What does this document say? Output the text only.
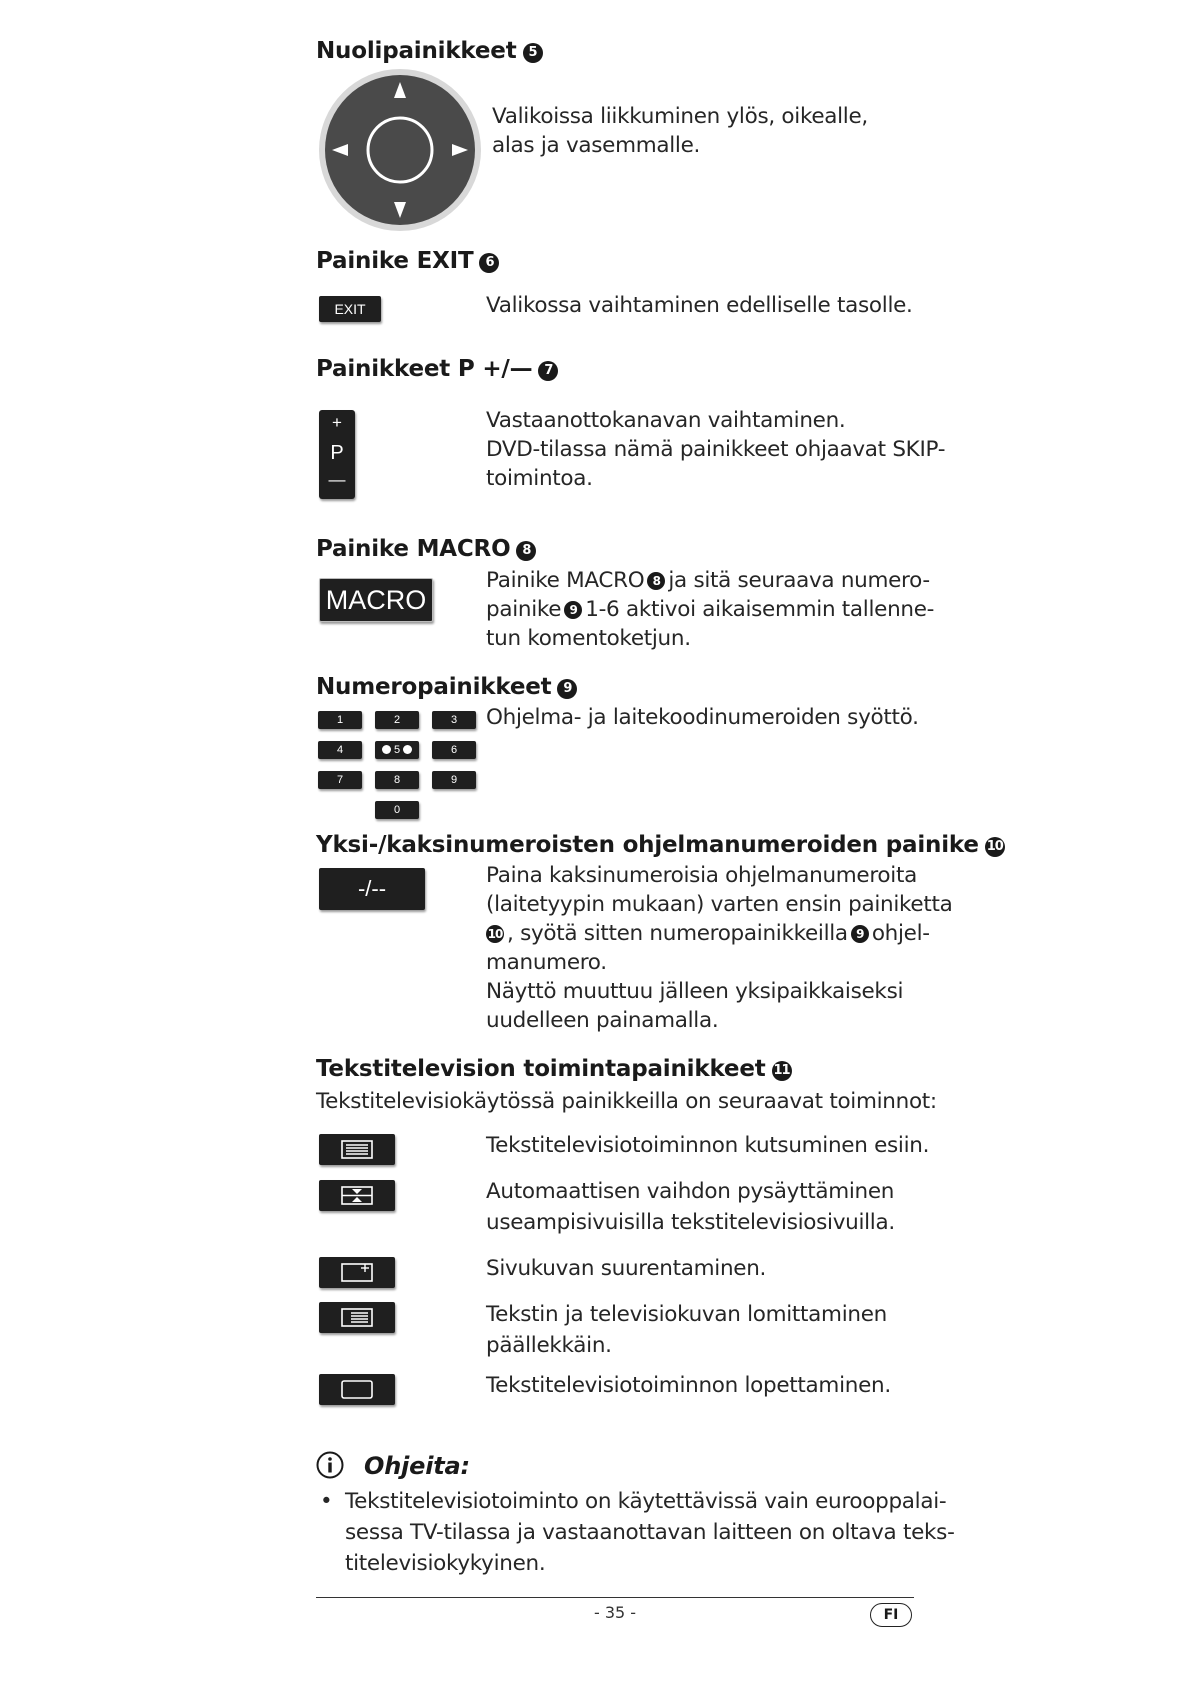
Nuolipainikkeet 5
Valikoissa liikkuminen ylös, oikealle,
alas ja vasemmalle.
Painike EXIT 6
EXIT	Valikossa vaihtaminen edelliselle tasolle.
Painikkeet P +/— 7
+
P
—
Vastaanottokanavan vaihtaminen.
DVD-tilassa nämä painikkeet ohjaavat SKIP-
toimintoa.
Painike MACRO 8
MACRO
Painike MACRO 8 ja sitä seuraava numero-
painike 9 1-6 aktivoi aikaisemmin tallenne-
tun komentoketjun.
Numeropainikkeet 9
1	2	3
4	5	6
7	8	9
0
Ohjelma- ja laitekoodinumeroiden syöttö.
Yksi-/kaksinumeroisten ohjelmanumeroiden painike 10
-/--
Paina kaksinumeroisia ohjelmanumeroita
(laitetyypin mukaan) varten ensin painiketta
10 , syötä sitten numeropainikkeilla 9 ohjel-
manumero.
Näyttö muuttuu jälleen yksipaikkaiseksi
uudelleen painamalla.
Tekstitelevision toimintapainikkeet 11
Tekstitelevisiokäytössä painikkeilla on seuraavat toiminnot:
Tekstitelevisiotoiminnon kutsuminen esiin.
Automaattisen vaihdon pysäyttäminen
useampisivuisilla tekstitelevisiosivuilla.
Sivukuvan suurentaminen.
Tekstin ja televisiokuvan lomittaminen
päällekkäin.
Tekstitelevisiotoiminnon lopettaminen.
Ohjeita:
• Tekstitelevisiotoiminto on käytettävissä vain eurooppalai-
sessa TV-tilassa ja vastaanottavan laitteen on oltava teks-
titelevisiokykyinen.
- 35 -	FI
